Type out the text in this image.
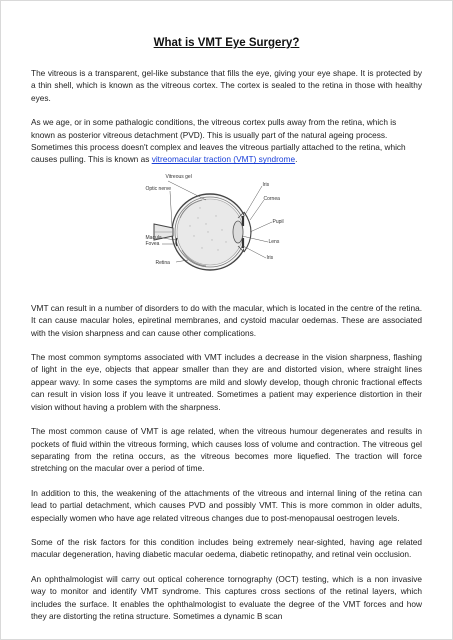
What is VMT Eye Surgery?

The vitreous is a transparent, gel-like substance that fills the eye, giving your eye shape. It is protected by a thin shell, which is known as the vitreous cortex. The cortex is sealed to the retina in those with healthy eyes.

As we age, or in some pathalogic conditions, the vitreous cortex pulls away from the retina, which is known as posterior vitreous detachment (PVD). This is usually part of the natural ageing process. Sometimes this process doesn't complex and leaves the vitreous partially attached to the retina, which causes pulling. This is known as vitreomacular traction (VMT) syndrome.

Vitreous gel
Optic nerve
Macula
Fovea
Retina
Iris
Cornea
Pupil
Lens
Iris

VMT can result in a number of disorders to do with the macular, which is located in the centre of the retina. It can cause macular holes, epiretinal membranes, and cystoid macular oedemas. These are associated with the vision sharpness and can cause other complications.

The most common symptoms associated with VMT includes a decrease in the vision sharpness, flashing of light in the eye, objects that appear smaller than they are and distorted vision, where straight lines appear wavy. In some cases the symptoms are mild and slowly develop, though chronic fractional effects can result in vision loss if you leave it untreated. Sometimes a patient may experience distortion in their vision without having a problem with the sharpness.

The most common cause of VMT is age related, when the vitreous humour degenerates and results in pockets of fluid within the vitreous forming, which causes loss of volume and contraction. The vitreous gel separating from the retina occurs, as the vitreous becomes more liquefied. The traction will force stretching on the macular over a period of time.

In addition to this, the weakening of the attachments of the vitreous and internal lining of the retina can lead to partial detachment, which causes PVD and possibly VMT. This is more common in older adults, especially women who have age related vitreous changes due to post-menopausal oestrogen levels.

Some of the risk factors for this condition includes being extremely near-sighted, having age related macular degeneration, having diabetic macular oedema, diabetic retinopathy, and retinal vein occlusion.

An ophthalmologist will carry out optical coherence tornography (OCT) testing, which is a non invasive way to monitor and identify VMT syndrome. This captures cross sections of the retinal layers, which includes the surface. It enables the ophthalmologist to evaluate the degree of the VMT forces and how they are distorting the retina structure. Sometimes a dynamic B scan
